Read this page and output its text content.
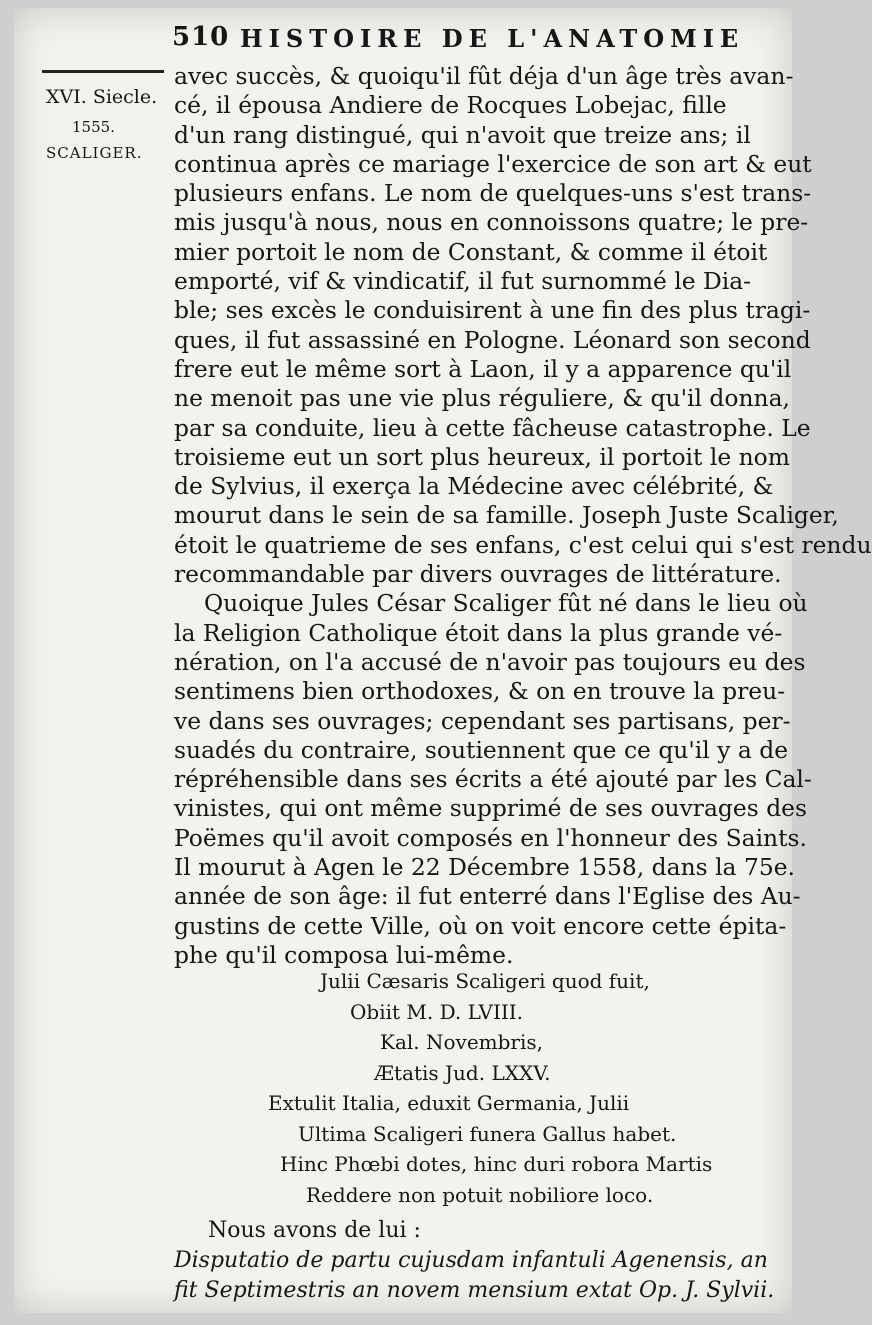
510 HISTOIRE DE L'ANATOMIE
XVI. Siecle.
1555.
SCALIGER.

avec succès, & quoiqu'il fût déja d'un âge très avan-
cé, il épousa Andiere de Rocques Lobejac, fille
d'un rang distingué, qui n'avoit que treize ans; il
continua après ce mariage l'exercice de son art & eut
plusieurs enfans. Le nom de quelques-uns s'est trans-
mis jusqu'à nous, nous en connoissons quatre; le pre-
mier portoit le nom de Constant, & comme il étoit
emporté, vif & vindicatif, il fut surnommé le Dia-
ble; ses excès le conduisirent à une fin des plus tragi-
ques, il fut assassiné en Pologne. Léonard son second
frere eut le même sort à Laon, il y a apparence qu'il
ne menoit pas une vie plus réguliere, & qu'il donna,
par sa conduite, lieu à cette fâcheuse catastrophe. Le
troisieme eut un sort plus heureux, il portoit le nom
de Sylvius, il exerça la Médecine avec célébrité, &
mourut dans le sein de sa famille. Joseph Juste Scaliger,
étoit le quatrieme de ses enfans, c'est celui qui s'est rendu
recommandable par divers ouvrages de littérature.

Quoique Jules César Scaliger fût né dans le lieu où
la Religion Catholique étoit dans la plus grande vé-
nération, on l'a accusé de n'avoir pas toujours eu des
sentimens bien orthodoxes, & on en trouve la preu-
ve dans ses ouvrages; cependant ses partisans, per-
suadés du contraire, soutiennent que ce qu'il y a de
répréhensible dans ses écrits a été ajouté par les Cal-
vinistes, qui ont même supprimé de ses ouvrages des
Poëmes qu'il avoit composés en l'honneur des Saints.
Il mourut à Agen le 22 Décembre 1558, dans la 75e.
année de son âge: il fut enterré dans l'Eglise des Au-
gustins de cette Ville, où on voit encore cette épita-
phe qu'il composa lui-même.

Julii Cæsaris Scaligeri quod fuit,
Obiit M. D. LVIII.
Kal. Novembris,
Ætatis Jud. LXXV.
Extulit Italia, eduxit Germania, Julii
Ultima Scaligeri funera Gallus habet.
Hinc Phœbi dotes, hinc duri robora Martis
Reddere non potuit nobiliore loco.
Nous avons de lui :
Disputatio de partu cujusdam infantuli Agenensis, an
fit Septimestris an novem mensium extat Op. J. Sylvii.
